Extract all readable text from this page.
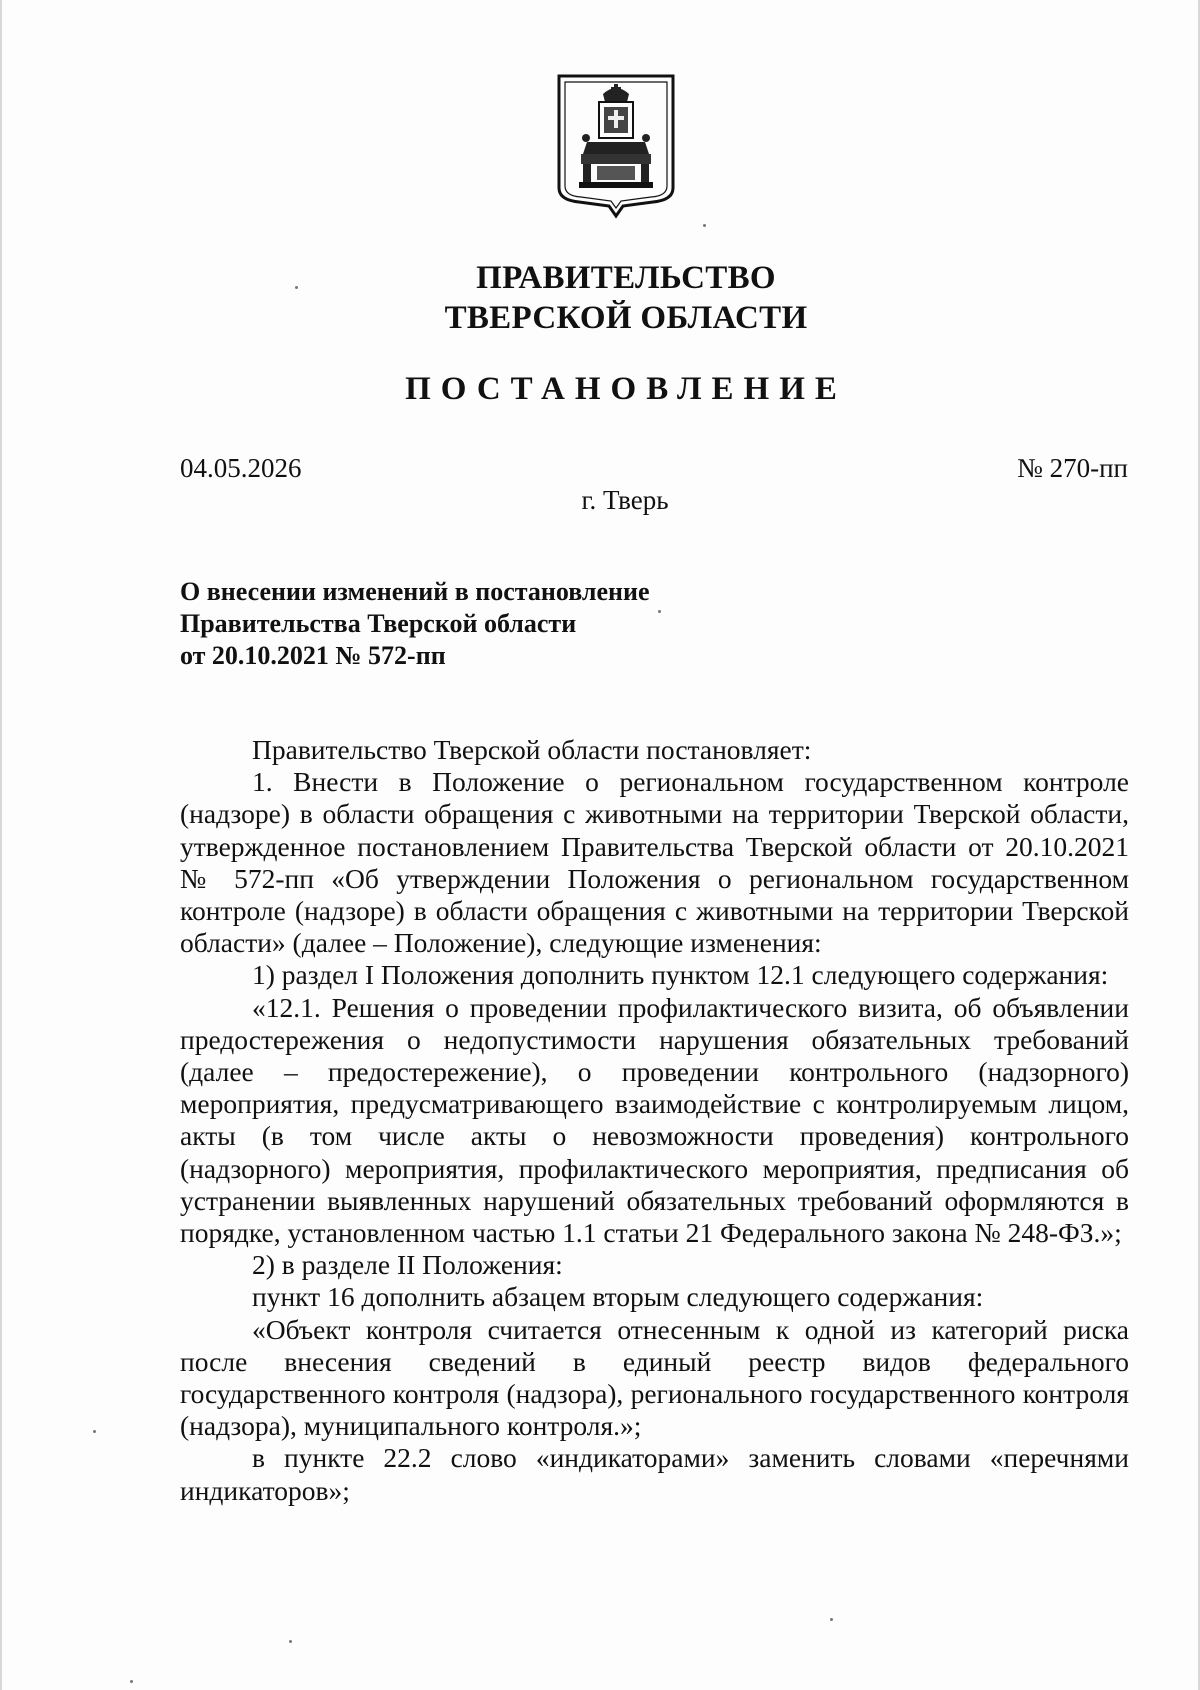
ПРАВИТЕЛЬСТВО
ТВЕРСКОЙ ОБЛАСТИ
ПОСТАНОВЛЕНИЕ
04.05.2026	№ 270-пп
г. Тверь
О внесении изменений в постановление
Правительства Тверской области
от 20.10.2021 № 572-пп

Правительство Тверской области постановляет:

1. Внести в Положение о региональном государственном контроле (надзоре) в области обращения с животными на территории Тверской области, утвержденное постановлением Правительства Тверской области от 20.10.2021 № 572-пп «Об утверждении Положения о региональном государственном контроле (надзоре) в области обращения с животными на территории Тверской области» (далее – Положение), следующие изменения:

1) раздел I Положения дополнить пунктом 12.1 следующего содержания:

«12.1. Решения о проведении профилактического визита, об объявлении предостережения о недопустимости нарушения обязательных требований (далее – предостережение), о проведении контрольного (надзорного) мероприятия, предусматривающего взаимодействие с контролируемым лицом, акты (в том числе акты о невозможности проведения) контрольного (надзорного) мероприятия, профилактического мероприятия, предписания об устранении выявленных нарушений обязательных требований оформляются в порядке, установленном частью 1.1 статьи 21 Федерального закона № 248-ФЗ.»;

2) в разделе II Положения:

пункт 16 дополнить абзацем вторым следующего содержания:

«Объект контроля считается отнесенным к одной из категорий риска после внесения сведений в единый реестр видов федерального государственного контроля (надзора), регионального государственного контроля (надзора), муниципального контроля.»;

в пункте 22.2 слово «индикаторами» заменить словами «перечнями индикаторов»;
